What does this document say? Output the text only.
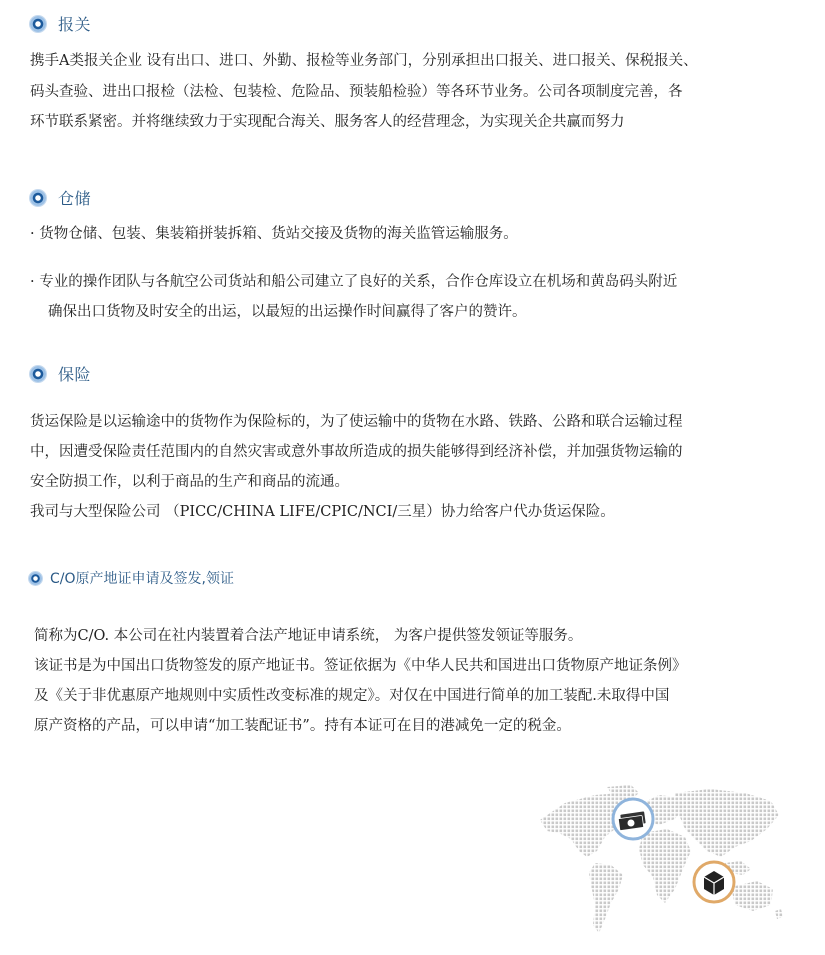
报关
携手A类报关企业 设有出口、进口、外勤、报检等业务部门，分别承担出口报关、进口报关、保税报关、
码头查验、进出口报检（法检、包装检、危险品、预装船检验）等各环节业务。公司各项制度完善，各
环节联系紧密。并将继续致力于实现配合海关、服务客人的经营理念，为实现关企共赢而努力
仓储
· 货物仓储、包装、集装箱拼装拆箱、货站交接及货物的海关监管运输服务。
· 专业的操作团队与各航空公司货站和船公司建立了良好的关系，合作仓库设立在机场和黄岛码头附近
确保出口货物及时安全的出运，以最短的出运操作时间赢得了客户的赞许。
保险
货运保险是以运输途中的货物作为保险标的，为了使运输中的货物在水路、铁路、公路和联合运输过程
中，因遭受保险责任范围内的自然灾害或意外事故所造成的损失能够得到经济补偿，并加强货物运输的
安全防损工作，以利于商品的生产和商品的流通。
我司与大型保险公司 （PICC/CHINA LIFE/CPIC/NCI/三星）协力给客户代办货运保险。
C/O原产地证申请及签发,领证
简称为C/O. 本公司在社内装置着合法产地证申请系统， 为客户提供签发领证等服务。
该证书是为中国出口货物签发的原产地证书。签证依据为《中华人民共和国进出口货物原产地证条例》
及《关于非优惠原产地规则中实质性改变标准的规定》。对仅在中国进行简单的加工装配.未取得中国
原产资格的产品，可以申请“加工装配证书”。持有本证可在目的港减免一定的税金。
